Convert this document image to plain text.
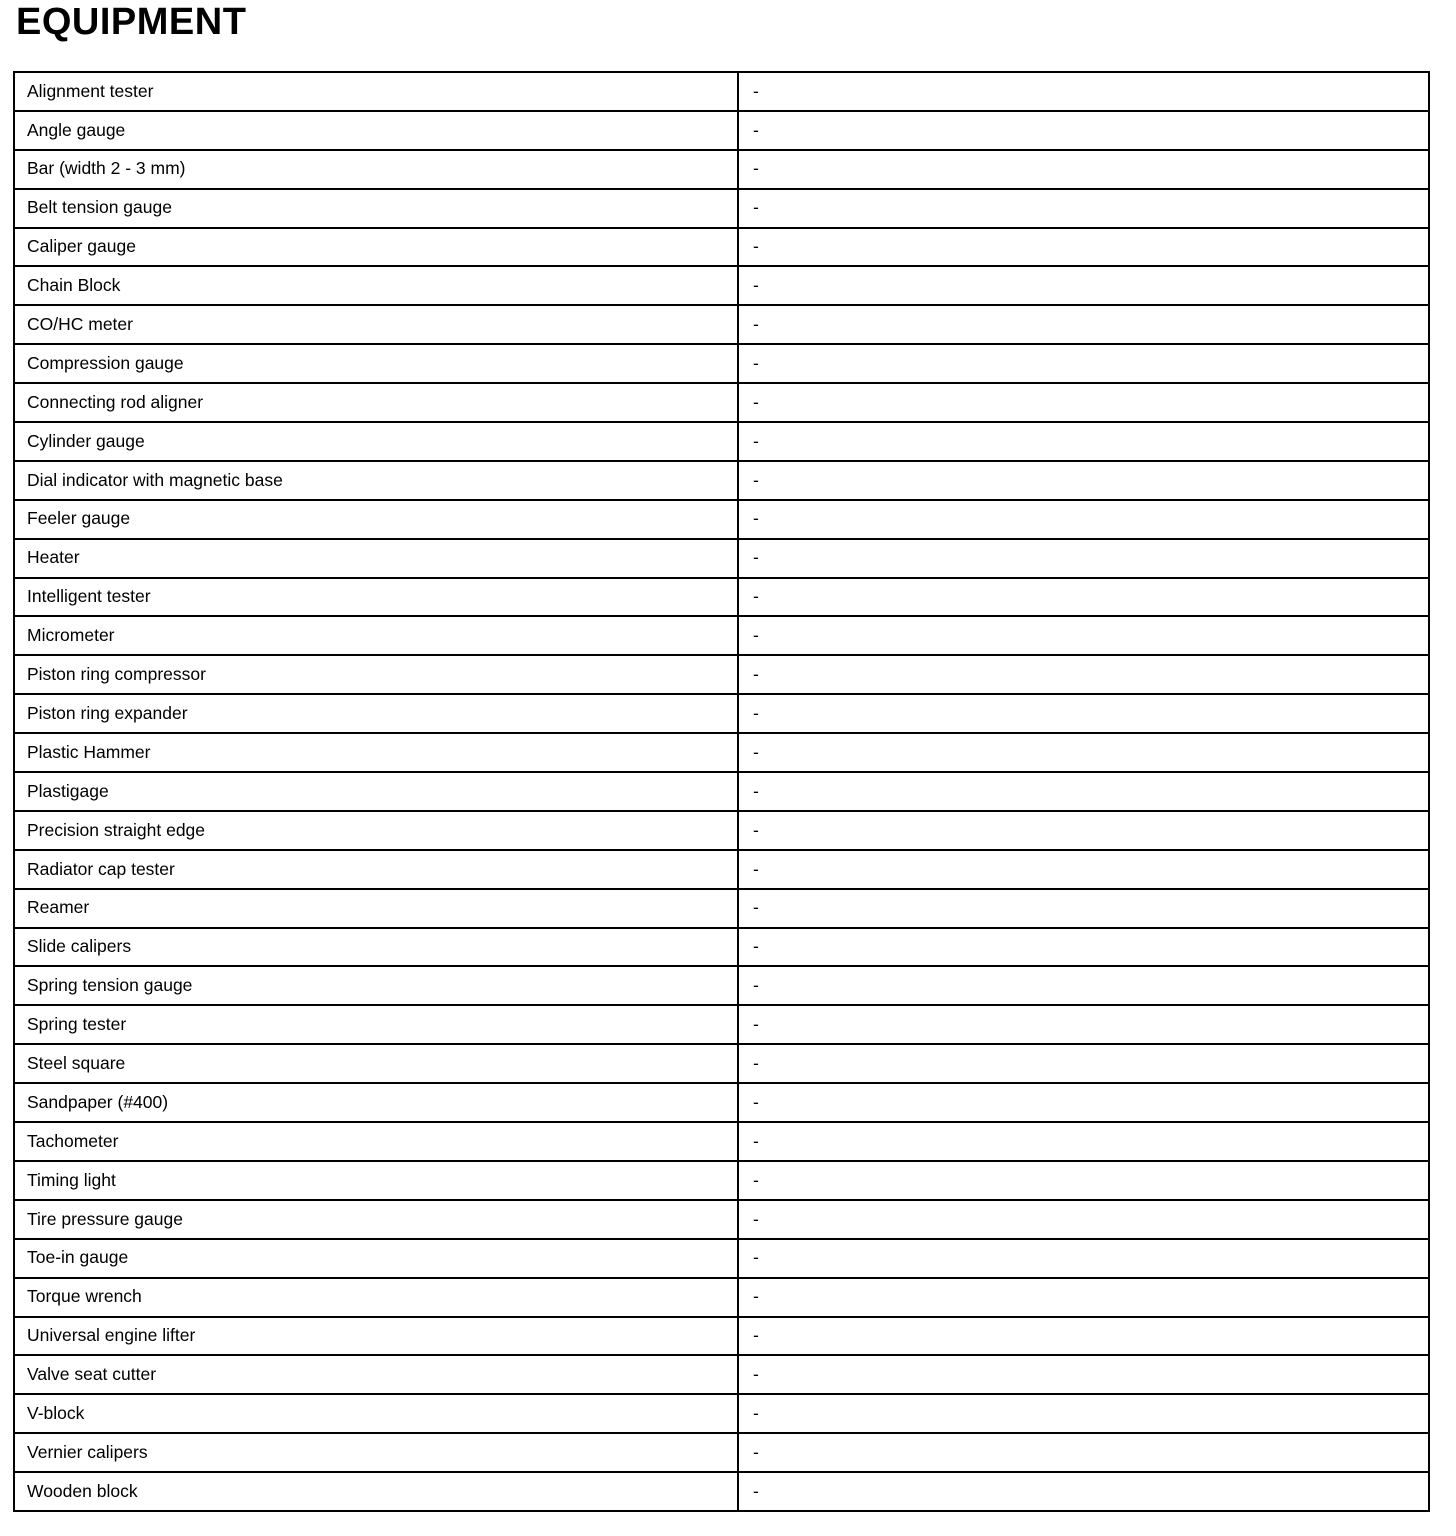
EQUIPMENT
Alignment tester	-
Angle gauge	-
Bar (width 2 - 3 mm)	-
Belt tension gauge	-
Caliper gauge	-
Chain Block	-
CO/HC meter	-
Compression gauge	-
Connecting rod aligner	-
Cylinder gauge	-
Dial indicator with magnetic base	-
Feeler gauge	-
Heater	-
Intelligent tester	-
Micrometer	-
Piston ring compressor	-
Piston ring expander	-
Plastic Hammer	-
Plastigage	-
Precision straight edge	-
Radiator cap tester	-
Reamer	-
Slide calipers	-
Spring tension gauge	-
Spring tester	-
Steel square	-
Sandpaper (#400)	-
Tachometer	-
Timing light	-
Tire pressure gauge	-
Toe-in gauge	-
Torque wrench	-
Universal engine lifter	-
Valve seat cutter	-
V-block	-
Vernier calipers	-
Wooden block	-
